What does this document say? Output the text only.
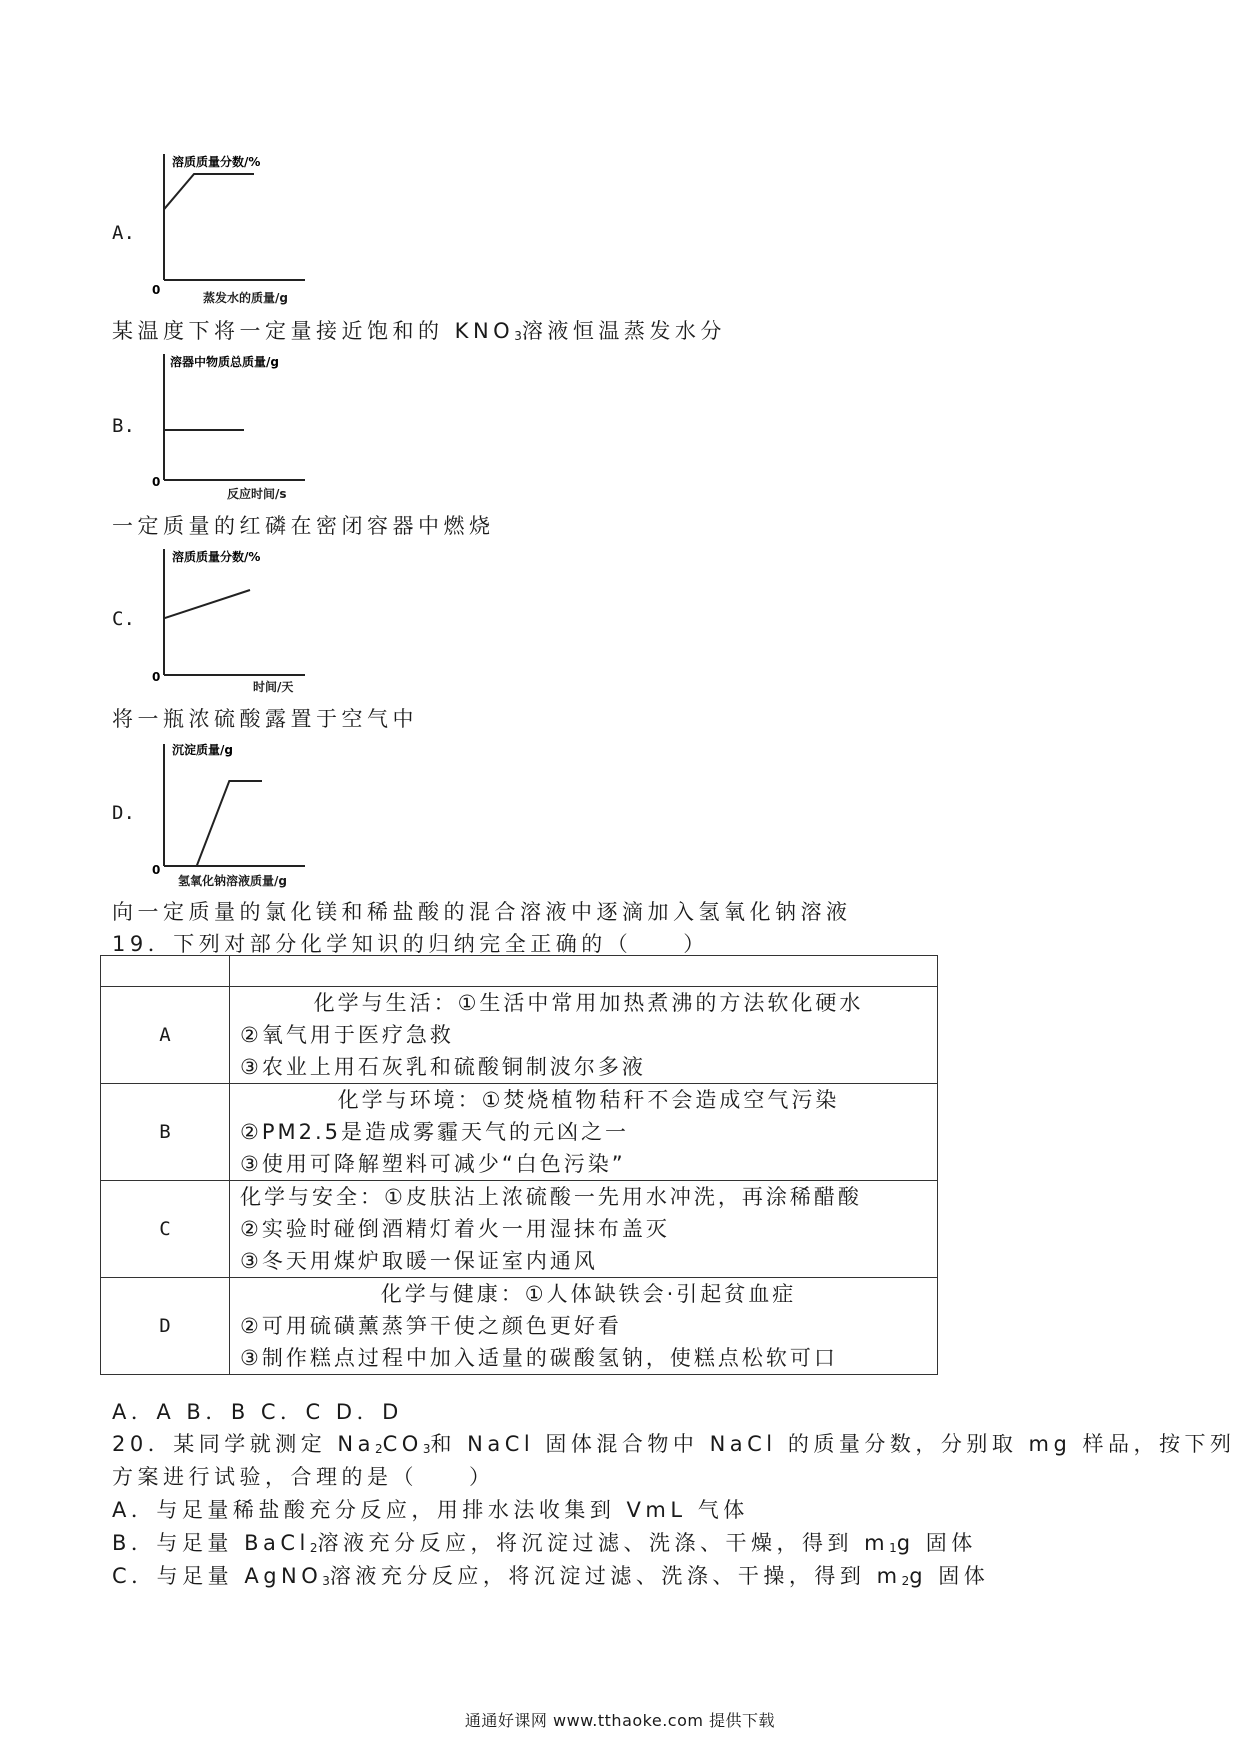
A.
溶质质量分数/%
0
蒸发水的质量/g
某温度下将一定量接近饱和的 $KNO_3$溶液恒温蒸发水分
B.
溶器中物质总质量/g
0
反应时间/s
一定质量的红磷在密闭容器中燃烧
C.
溶质质量分数/%
0
时间/天
将一瓶浓硫酸露置于空气中
D.
沉淀质量/g
0
氢氧化钠溶液质量/g
向一定质量的氯化镁和稀盐酸的混合溶液中逐滴加入氢氧化钠溶液
19．下列对部分化学知识的归纳完全正确的（　　）

A	化学与生活：①生活中常用加热煮沸的方法软化硬水
②氧气用于医疗急救
③农业上用石灰乳和硫酸铜制波尔多液

B	化学与环境：①焚烧植物秸秆不会造成空气污染
②PM2.5是造成雾霾天气的元凶之一
③使用可降解塑料可减少“白色污染”

C	化学与安全：①皮肤沾上浓硫酸一先用水冲洗，再涂稀醋酸
②实验时碰倒酒精灯着火一用湿抹布盖灭
③冬天用煤炉取暖一保证室内通风

D	化学与健康：①人体缺铁会·引起贫血症
②可用硫磺薰蒸笋干使之颜色更好看
③制作糕点过程中加入适量的碳酸氢钠，使糕点松软可口
A．A B．B C．C D．D
20．某同学就测定 $Na_2CO_3$和 NaCl 固体混合物中 NaCl 的质量分数，分别取 mg 样品，按下列
方案进行试验，合理的是（　　）
A．与足量稀盐酸充分反应，用排水法收集到 VmL 气体
B．与足量 BaCl$_2$溶液充分反应，将沉淀过滤、洗涤、干燥，得到 $m_1g$ 固体
C．与足量 AgNO$_3$溶液充分反应，将沉淀过滤、洗涤、干操，得到 $m_2g$ 固体
通通好课网 www.tthaoke.com 提供下载
